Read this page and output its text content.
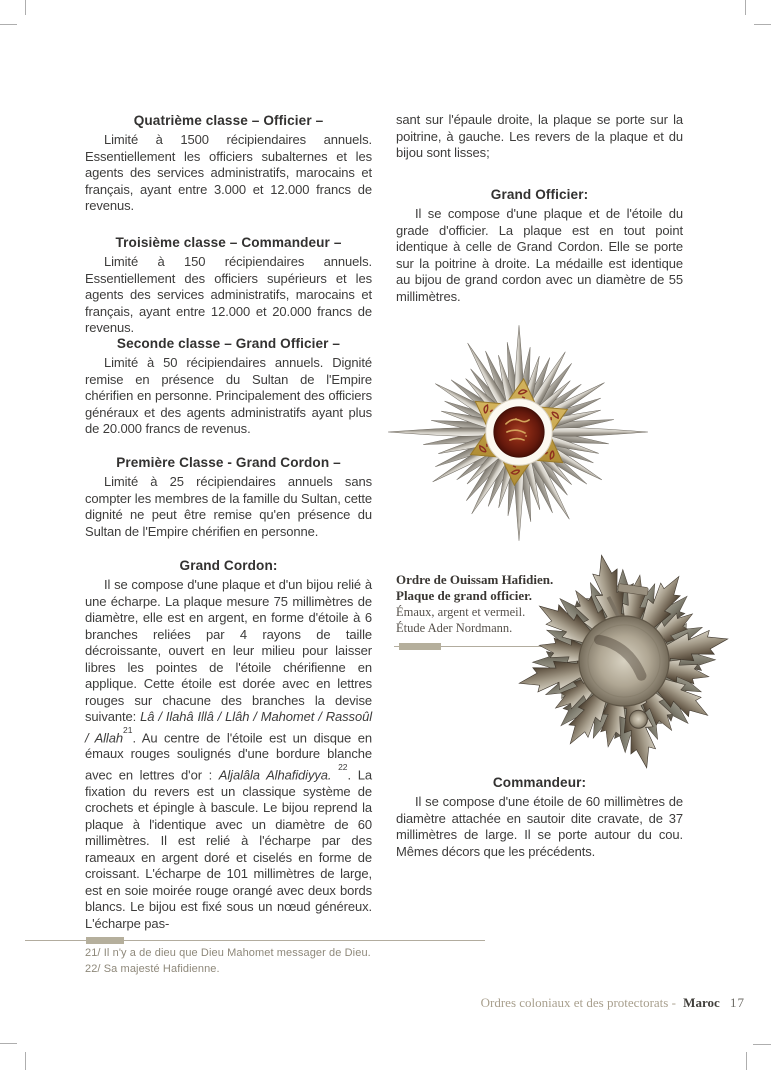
Quatrième classe – Officier –

Limité à 1500 récipiendaires annuels. Essentiellement les officiers subalternes et les agents des services administratifs, marocains et français, ayant entre 3.000 et 12.000 francs de revenus.

Troisième classe – Commandeur –

Limité à 150 récipiendaires annuels. Essentiellement des officiers supérieurs et les agents des services administratifs, marocains et français, ayant entre 12.000 et 20.000 francs de revenus.

Seconde classe – Grand Officier –

Limité à 50 récipiendaires annuels. Dignité remise en présence du Sultan de l'Empire chérifien en personne. Principalement des officiers généraux et des agents administratifs ayant plus de 20.000 francs de revenus.

Première Classe - Grand Cordon –

Limité à 25 récipiendaires annuels sans compter les membres de la famille du Sultan, cette dignité ne peut être remise qu'en présence du Sultan de l'Empire chérifien en personne.

Grand Cordon:

Il se compose d'une plaque et d'un bijou relié à une écharpe. La plaque mesure 75 millimètres de diamètre, elle est en argent, en forme d'étoile à 6 branches reliées par 4 rayons de taille décroissante, ouvert en leur milieu pour laisser libres les pointes de l'étoile chérifienne en applique. Cette étoile est dorée avec en lettres rouges sur chacune des branches la devise suivante: Lâ / Ilahâ Illâ / Llâh / Mahomet / Rassoûl / Allah$^{21}$. Au centre de l'étoile est un disque en émaux rouges soulignés d'une bordure blanche avec en lettres d'or : Aljalâla Alhafidiyya. $^{22}$. La fixation du revers est un classique système de crochets et épingle à bascule. Le bijou reprend la plaque à l'identique avec un diamètre de 60 millimètres. Il est relié à l'écharpe par des rameaux en argent doré et ciselés en forme de croissant. L'écharpe de 101 millimètres de large, est en soie moirée rouge orangé avec deux bords blancs. Le bijou est fixé sous un nœud généreux. L'écharpe pas-

sant sur l'épaule droite, la plaque se porte sur la poitrine, à gauche. Les revers de la plaque et du bijou sont lisses;

Grand Officier:

Il se compose d'une plaque et de l'étoile du grade d'officier. La plaque est en tout point identique à celle de Grand Cordon. Elle se porte sur la poitrine à droite. La médaille est identique au bijou de grand cordon avec un diamètre de 55 millimètres.

Ordre de Ouissam Hafidien.
Plaque de grand officier.
Émaux, argent et vermeil.
Étude Ader Nordmann.
Commandeur:

Il se compose d'une étoile de 60 millimètres de diamètre attachée en sautoir dite cravate, de 37 millimètres de large. Il se porte autour du cou. Mêmes décors que les précédents.

21/ Il n'y a de dieu que Dieu Mahomet messager de Dieu.
22/ Sa majesté Hafidienne.
Ordres coloniaux et des protectorats - Maroc 17
